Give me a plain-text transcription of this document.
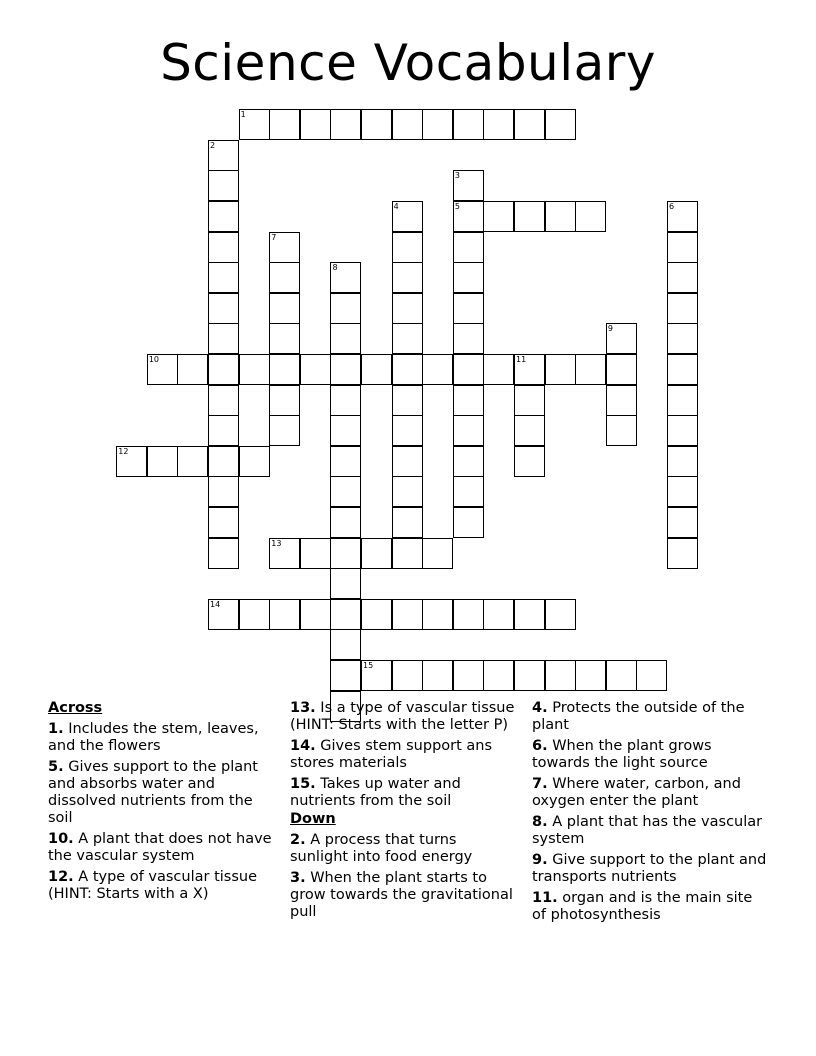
Science Vocabulary
1
2
3
5
4	6
7
8
9
10	11
12
13
14
15
Across
1. Includes the stem, leaves, and the flowers
5. Gives support to the plant and absorbs water and dissolved nutrients from the soil
10. A plant that does not have the vascular system
12. A type of vascular tissue (HINT: Starts with a X)
13. Is a type of vascular tissue (HINT: Starts with the letter P)
14. Gives stem support ans stores materials
15. Takes up water and nutrients from the soil
Down
2. A process that turns sunlight into food energy
3. When the plant starts to grow towards the gravitational pull
4. Protects the outside of the plant
6. When the plant grows towards the light source
7. Where water, carbon, and oxygen enter the plant
8. A plant that has the vascular system
9. Give support to the plant and transports nutrients
11. organ and is the main site of photosynthesis
